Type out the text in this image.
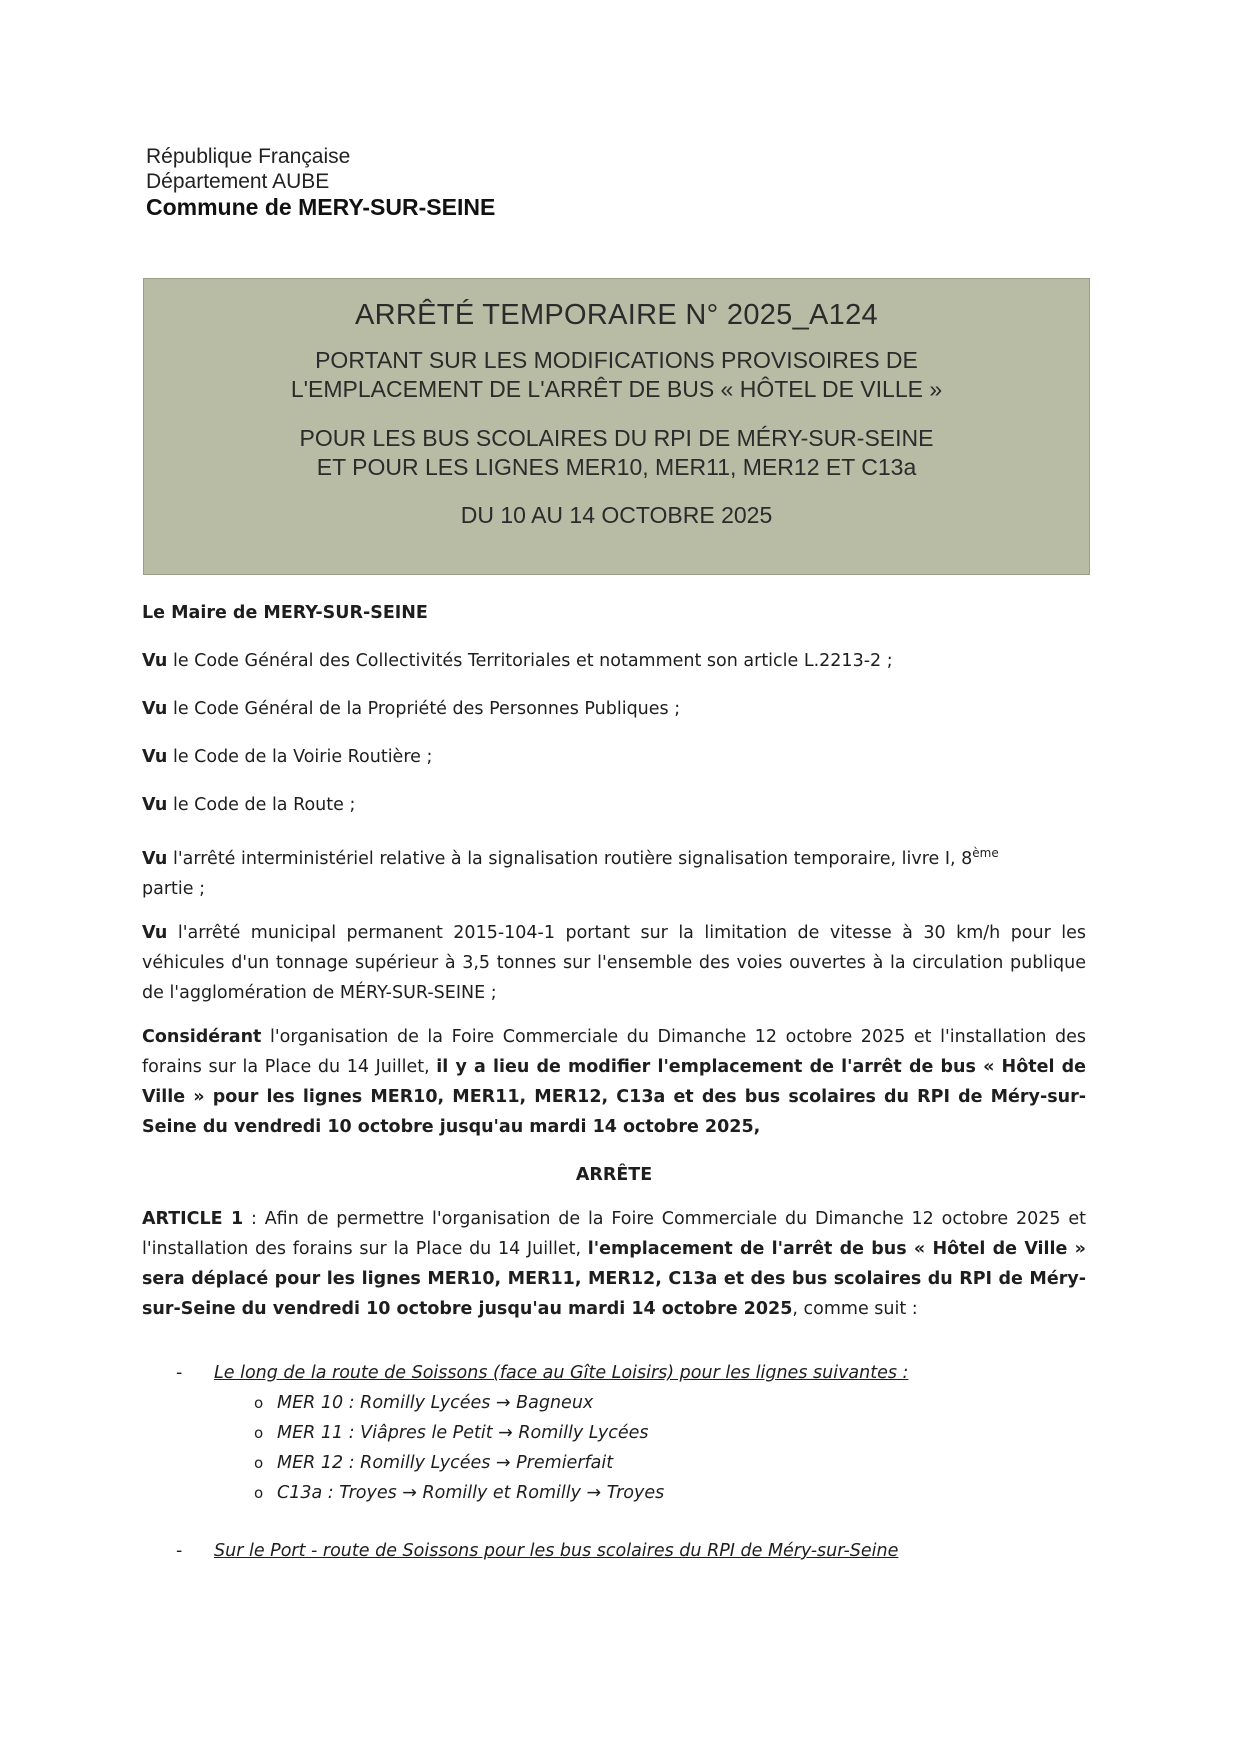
République Française
Département AUBE
Commune de MERY-SUR-SEINE
ARRÊTÉ TEMPORAIRE N° 2025_A124
PORTANT SUR LES MODIFICATIONS PROVISOIRES DE
L'EMPLACEMENT DE L'ARRÊT DE BUS « HÔTEL DE VILLE »
POUR LES BUS SCOLAIRES DU RPI DE MÉRY-SUR-SEINE
ET POUR LES LIGNES MER10, MER11, MER12 ET C13a
DU 10 AU 14 OCTOBRE 2025

Le Maire de MERY-SUR-SEINE

Vu le Code Général des Collectivités Territoriales et notamment son article L.2213-2 ;

Vu le Code Général de la Propriété des Personnes Publiques ;

Vu le Code de la Voirie Routière ;

Vu le Code de la Route ;

Vu l'arrêté interministériel relative à la signalisation routière signalisation temporaire, livre I, 8ème
partie ;

Vu l'arrêté municipal permanent 2015-104-1 portant sur la limitation de vitesse à 30 km/h pour les véhicules d'un tonnage supérieur à 3,5 tonnes sur l'ensemble des voies ouvertes à la circulation publique de l'agglomération de MÉRY-SUR-SEINE ;

Considérant l'organisation de la Foire Commerciale du Dimanche 12 octobre 2025 et l'installation des forains sur la Place du 14 Juillet, il y a lieu de modifier l'emplacement de l'arrêt de bus « Hôtel de Ville » pour les lignes MER10, MER11, MER12, C13a et des bus scolaires du RPI de Méry-sur-Seine du vendredi 10 octobre jusqu'au mardi 14 octobre 2025,

ARRÊTE

ARTICLE 1 : Afin de permettre l'organisation de la Foire Commerciale du Dimanche 12 octobre 2025 et l'installation des forains sur la Place du 14 Juillet, l'emplacement de l'arrêt de bus « Hôtel de Ville » sera déplacé pour les lignes MER10, MER11, MER12, C13a et des bus scolaires du RPI de Méry-sur-Seine du vendredi 10 octobre jusqu'au mardi 14 octobre 2025, comme suit :

- Le long de la route de Soissons (face au Gîte Loisirs) pour les lignes suivantes :
o MER 10 : Romilly Lycées → Bagneux
o MER 11 : Viâpres le Petit → Romilly Lycées
o MER 12 : Romilly Lycées → Premierfait
o C13a : Troyes → Romilly et Romilly → Troyes
- Sur le Port - route de Soissons pour les bus scolaires du RPI de Méry-sur-Seine
